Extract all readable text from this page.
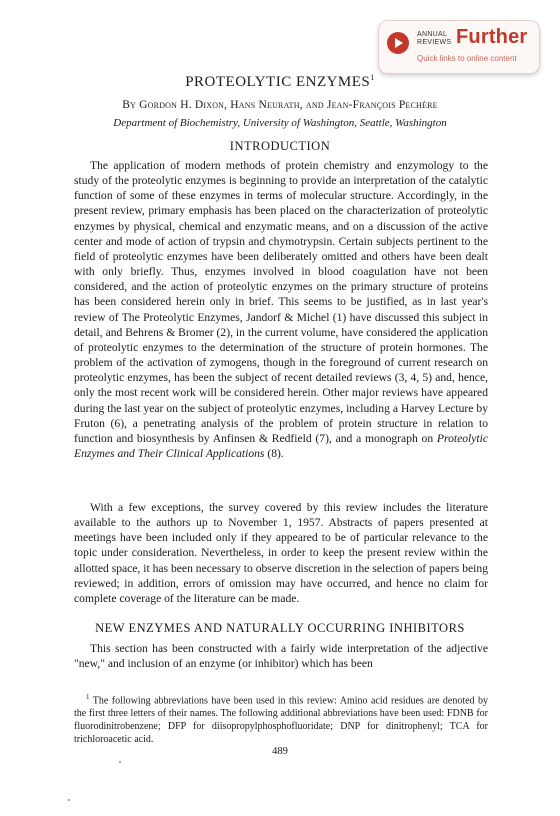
ANNUAL
REVIEWS Further
Quick links to online content
PROTEOLYTIC ENZYMES$^1$
By Gordon H. Dixon, Hans Neurath, and Jean-François Pechère
Department of Biochemistry, University of Washington, Seattle, Washington
INTRODUCTION
The application of modern methods of protein chemistry and enzymology to the study of the proteolytic enzymes is beginning to provide an interpretation of the catalytic function of some of these enzymes in terms of molecular structure. Accordingly, in the present review, primary emphasis has been placed on the characterization of proteolytic enzymes by physical, chemical and enzymatic means, and on a discussion of the active center and mode of action of trypsin and chymotrypsin. Certain subjects pertinent to the field of proteolytic enzymes have been deliberately omitted and others have been dealt with only briefly. Thus, enzymes involved in blood coagulation have not been considered, and the action of proteolytic enzymes on the primary structure of proteins has been considered herein only in brief. This seems to be justified, as in last year's review of The Proteolytic Enzymes, Jandorf & Michel (1) have discussed this subject in detail, and Behrens & Bromer (2), in the current volume, have considered the application of proteolytic enzymes to the determination of the structure of protein hormones. The problem of the activation of zymogens, though in the foreground of current research on proteolytic enzymes, has been the subject of recent detailed reviews (3, 4, 5) and, hence, only the most recent work will be considered herein. Other major reviews have appeared during the last year on the subject of proteolytic enzymes, including a Harvey Lecture by Fruton (6), a penetrating analysis of the problem of protein structure in relation to function and biosynthesis by Anfinsen & Redfield (7), and a monograph on Proteolytic Enzymes and Their Clinical Applications (8).
With a few exceptions, the survey covered by this review includes the literature available to the authors up to November 1, 1957. Abstracts of papers presented at meetings have been included only if they appeared to be of particular relevance to the topic under consideration. Nevertheless, in order to keep the present review within the allotted space, it has been necessary to observe discretion in the selection of papers being reviewed; in addition, errors of omission may have occurred, and hence no claim for complete coverage of the literature can be made.
NEW ENZYMES AND NATURALLY OCCURRING INHIBITORS
This section has been constructed with a fairly wide interpretation of the adjective "new," and inclusion of an enzyme (or inhibitor) which has been
$^1$ The following abbreviations have been used in this review: Amino acid residues are denoted by the first three letters of their names. The following additional abbreviations have been used: FDNB for fluorodinitrobenzene; DFP for diisopropylphosphofluoridate; DNP for dinitrophenyl; TCA for trichloroacetic acid.
489
